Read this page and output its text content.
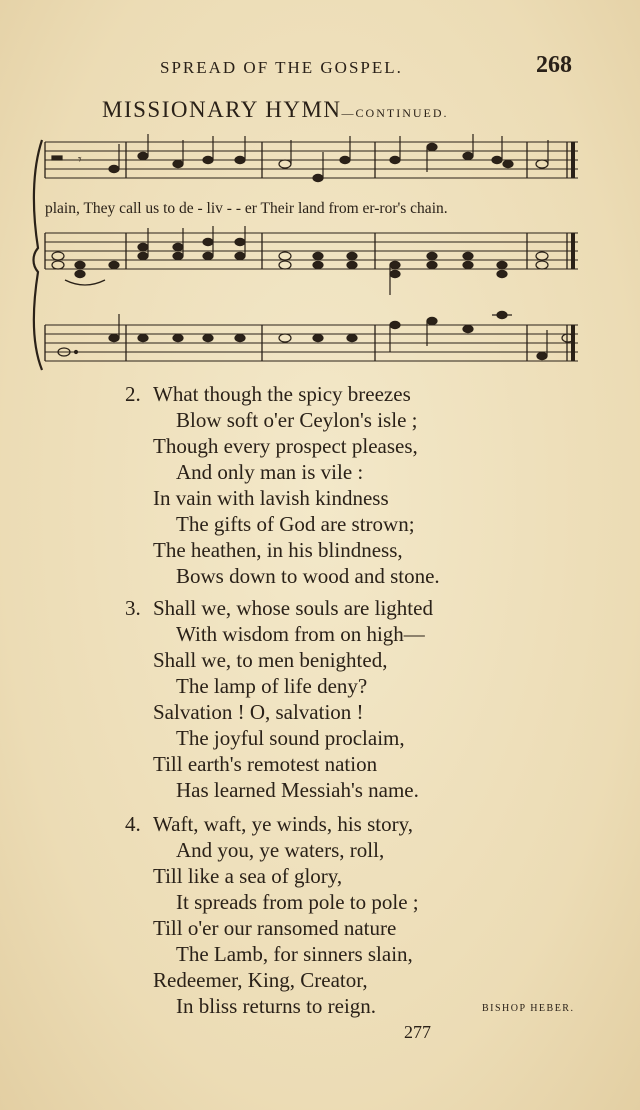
SPREAD OF THE GOSPEL.	268
MISSIONARY HYMN—CONTINUED.
𝄾
plain, They call us to de - liv - - er Their land from er-ror's chain.
2. What though the spicy breezes
Blow soft o'er Ceylon's isle ;
Though every prospect pleases,
And only man is vile :
In vain with lavish kindness
The gifts of God are strown;
The heathen, in his blindness,
Bows down to wood and stone.
3. Shall we, whose souls are lighted
With wisdom from on high—
Shall we, to men benighted,
The lamp of life deny?
Salvation ! O, salvation !
The joyful sound proclaim,
Till earth's remotest nation
Has learned Messiah's name.
4. Waft, waft, ye winds, his story,
And you, ye waters, roll,
Till like a sea of glory,
It spreads from pole to pole ;
Till o'er our ransomed nature
The Lamb, for sinners slain,
Redeemer, King, Creator,
In bliss returns to reign.	BISHOP HEBER.
277
